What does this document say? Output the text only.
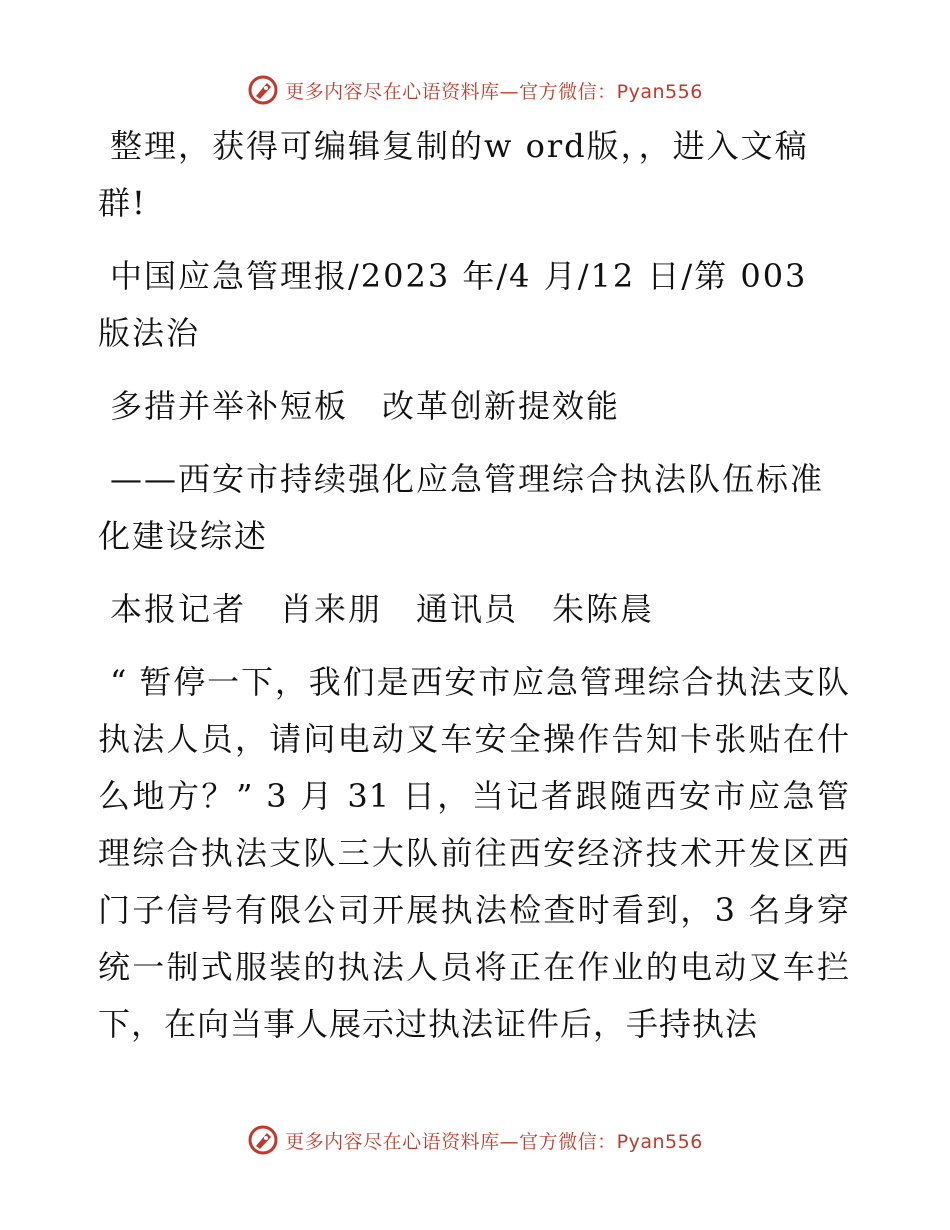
更多内容尽在心语资料库—官方微信：Pyan556

整理，获得可编辑复制的w ord版，，进入文稿群!

中国应急管理报/2023 年/4 月/12 日/第 003 版法治

多措并举补短板　改革创新提效能

——西安市持续强化应急管理综合执法队伍标准化建设综述

本报记者　肖来朋　通讯员　朱陈晨

“ 暂停一下，我们是西安市应急管理综合执法支队执法人员，请问电动叉车安全操作告知卡张贴在什么地方？” 3 月 31 日，当记者跟随西安市应急管理综合执法支队三大队前往西安经济技术开发区西门子信号有限公司开展执法检查时看到，3 名身穿统一制式服装的执法人员将正在作业的电动叉车拦下，在向当事人展示过执法证件后，手持执法

更多内容尽在心语资料库—官方微信：Pyan556
